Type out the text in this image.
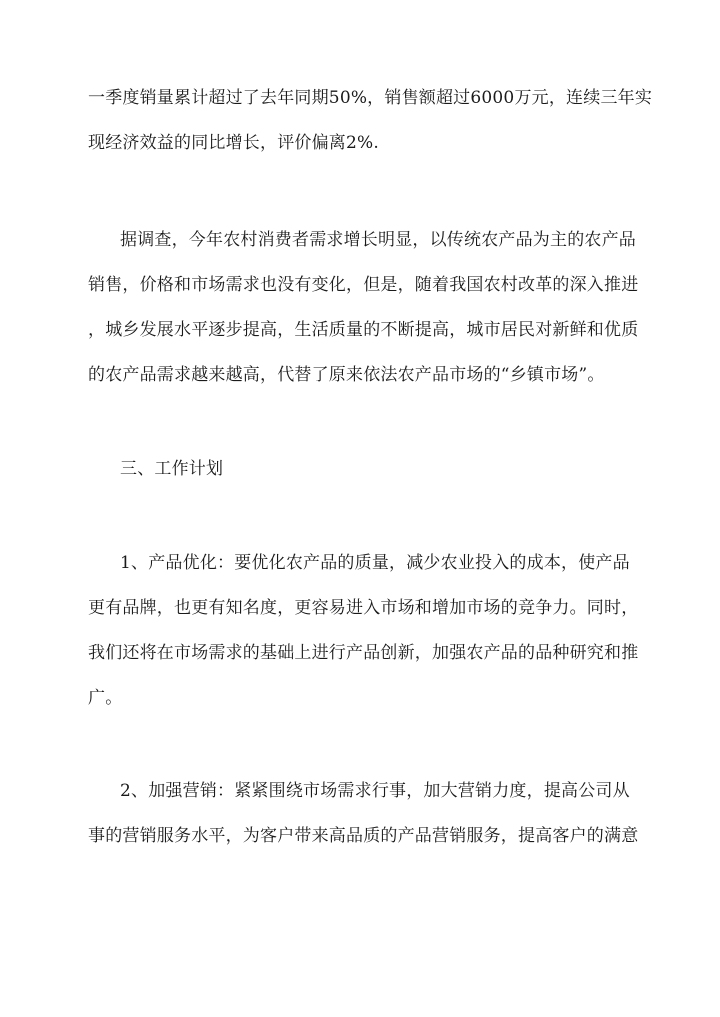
一季度销量累计超过了去年同期50%，销售额超过6000万元，连续三年实
现经济效益的同比增长，评价偏离2%.
据调查，今年农村消费者需求增长明显，以传统农产品为主的农产品
销售，价格和市场需求也没有变化，但是，随着我国农村改革的深入推进
，城乡发展水平逐步提高，生活质量的不断提高，城市居民对新鲜和优质
的农产品需求越来越高，代替了原来依法农产品市场的“乡镇市场”。
三、工作计划
1、产品优化：要优化农产品的质量，减少农业投入的成本，使产品
更有品牌，也更有知名度，更容易进入市场和增加市场的竞争力。同时，
我们还将在市场需求的基础上进行产品创新，加强农产品的品种研究和推
广。
2、加强营销：紧紧围绕市场需求行事，加大营销力度，提高公司从
事的营销服务水平，为客户带来高品质的产品营销服务，提高客户的满意
